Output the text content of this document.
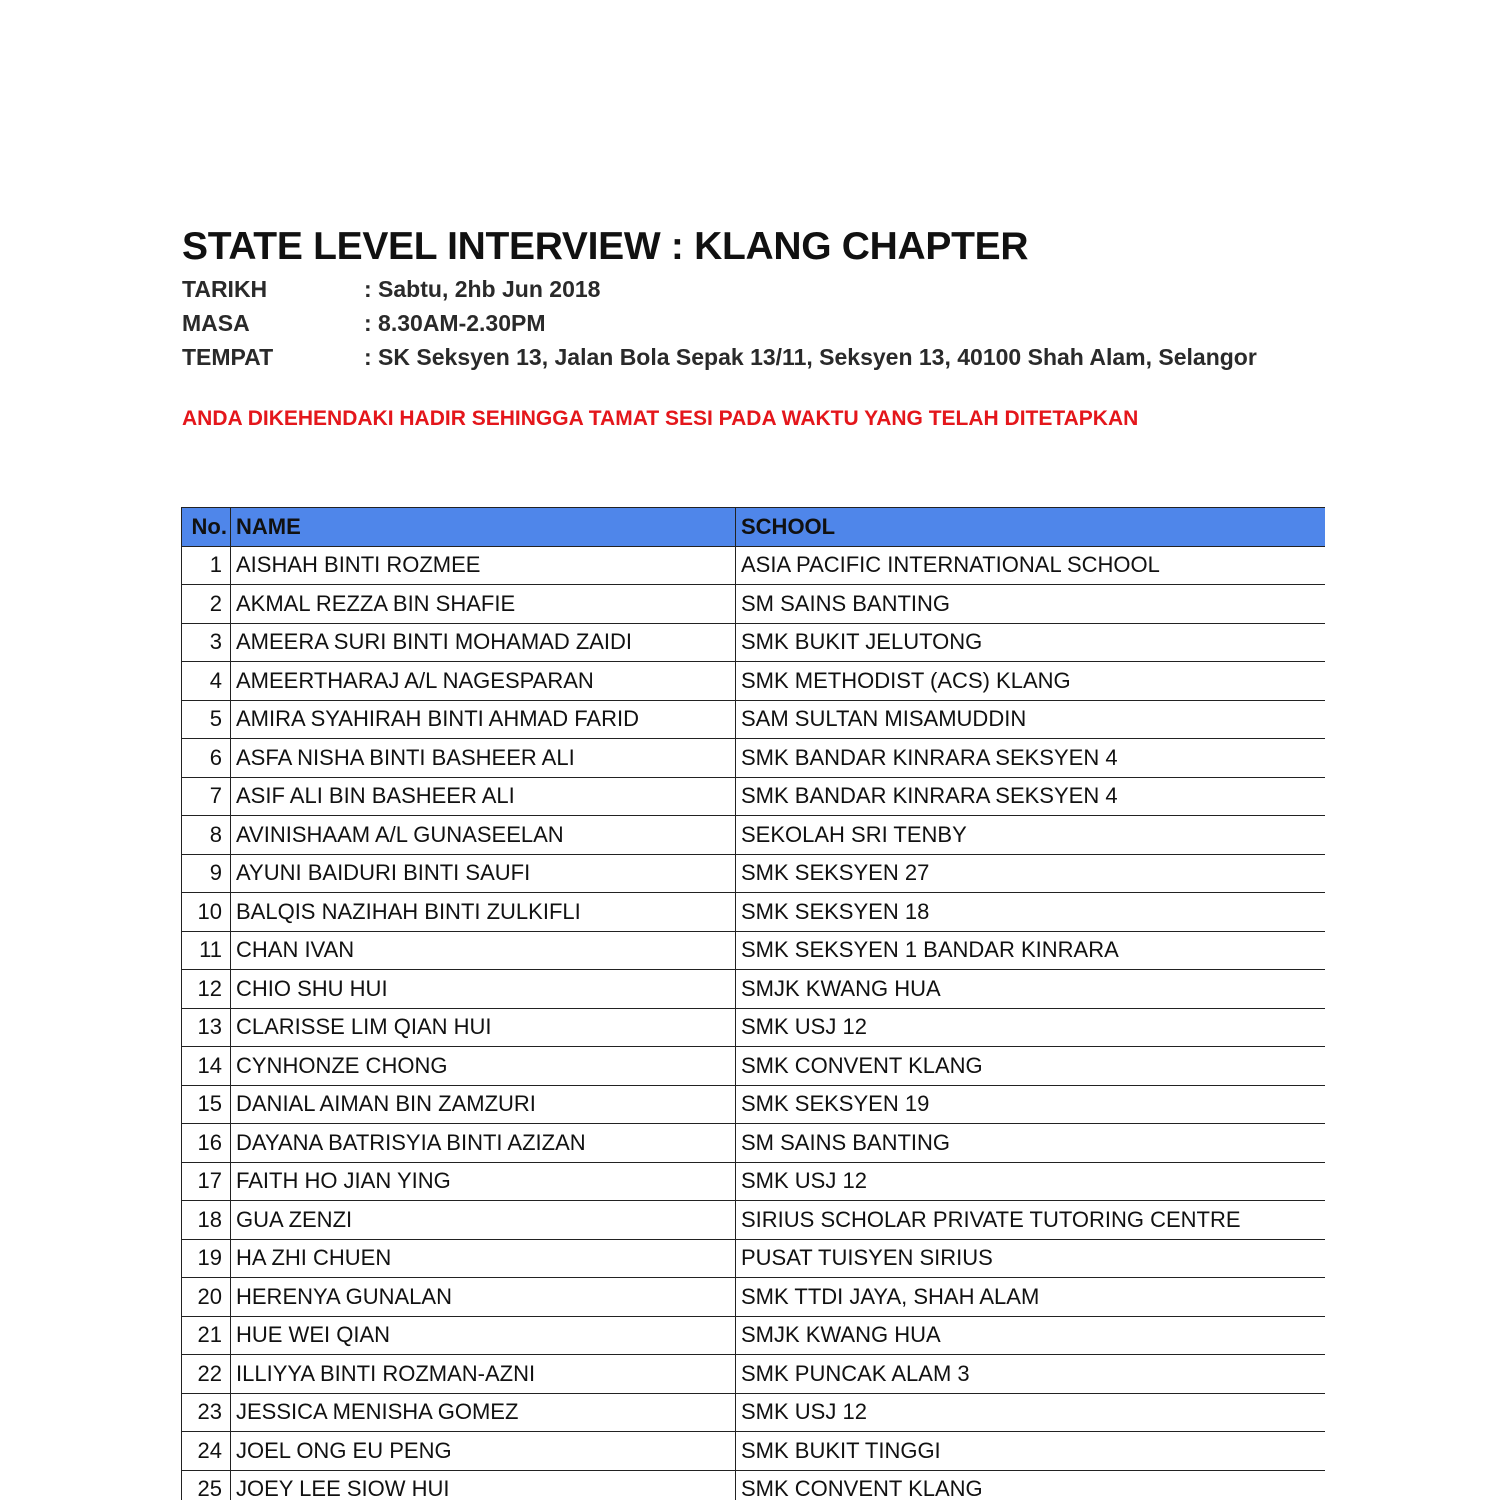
STATE LEVEL INTERVIEW : KLANG CHAPTER
TARIKH	: Sabtu, 2hb Jun 2018
MASA	: 8.30AM-2.30PM
TEMPAT	: SK Seksyen 13, Jalan Bola Sepak 13/11, Seksyen 13, 40100 Shah Alam, Selangor
ANDA DIKEHENDAKI HADIR SEHINGGA TAMAT SESI PADA WAKTU YANG TELAH DITETAPKAN
No.	NAME	SCHOOL
1	AISHAH BINTI ROZMEE	ASIA PACIFIC INTERNATIONAL SCHOOL
2	AKMAL REZZA BIN SHAFIE	SM SAINS BANTING
3	AMEERA SURI BINTI MOHAMAD ZAIDI	SMK BUKIT JELUTONG
4	AMEERTHARAJ A/L NAGESPARAN	SMK METHODIST (ACS) KLANG
5	AMIRA SYAHIRAH BINTI AHMAD FARID	SAM SULTAN MISAMUDDIN
6	ASFA NISHA BINTI BASHEER ALI	SMK BANDAR KINRARA SEKSYEN 4
7	ASIF ALI BIN BASHEER ALI	SMK BANDAR KINRARA SEKSYEN 4
8	AVINISHAAM A/L GUNASEELAN	SEKOLAH SRI TENBY
9	AYUNI BAIDURI BINTI SAUFI	SMK SEKSYEN 27
10	BALQIS NAZIHAH BINTI ZULKIFLI	SMK SEKSYEN 18
11	CHAN IVAN	SMK SEKSYEN 1 BANDAR KINRARA
12	CHIO SHU HUI	SMJK KWANG HUA
13	CLARISSE LIM QIAN HUI	SMK USJ 12
14	CYNHONZE CHONG	SMK CONVENT KLANG
15	DANIAL AIMAN BIN ZAMZURI	SMK SEKSYEN 19
16	DAYANA BATRISYIA BINTI AZIZAN	SM SAINS BANTING
17	FAITH HO JIAN YING	SMK USJ 12
18	GUA ZENZI	SIRIUS SCHOLAR PRIVATE TUTORING CENTRE
19	HA ZHI CHUEN	PUSAT TUISYEN SIRIUS
20	HERENYA GUNALAN	SMK TTDI JAYA, SHAH ALAM
21	HUE WEI QIAN	SMJK KWANG HUA
22	ILLIYYA BINTI ROZMAN-AZNI	SMK PUNCAK ALAM 3
23	JESSICA MENISHA GOMEZ	SMK USJ 12
24	JOEL ONG EU PENG	SMK BUKIT TINGGI
25	JOEY LEE SIOW HUI	SMK CONVENT KLANG
